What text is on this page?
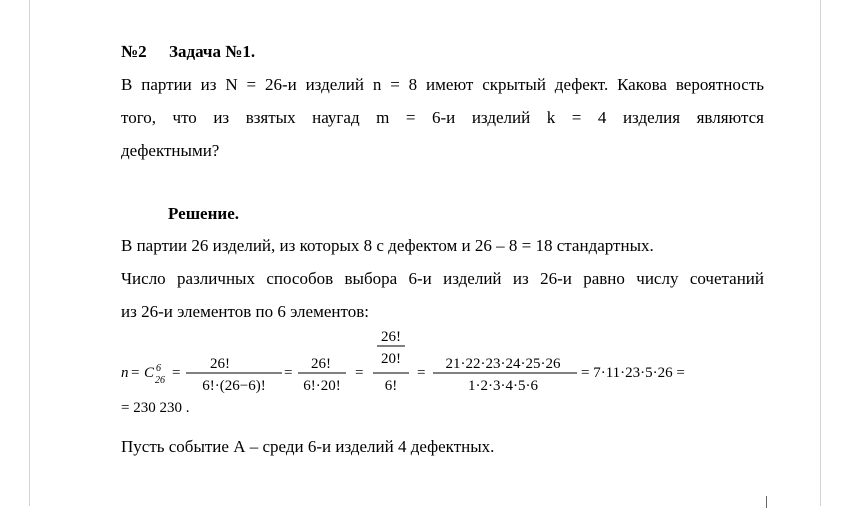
№2 Задача №1.
В партии из N = 26-и изделий n = 8 имеют скрытый дефект. Какова вероятность
того, что из взятых наугад m = 6-и изделий k = 4 изделия являются
дефектными?
Решение.
В партии 26 изделий, из которых 8 с дефектом и 26 – 8 = 18 стандартных.
Число различных способов выбора 6-и изделий из 26-и равно числу сочетаний
из 26-и элементов по 6 элементов:
n = C 6
26 =
26!
6!·(26−6)!
=
26!
6!·20!
=
26!
20!
6!
=
21·22·23·24·25·26
1·2·3·4·5·6
= 7·11·23·5·26 =
= 230 230 .
Пусть событие А – среди 6-и изделий 4 дефектных.
